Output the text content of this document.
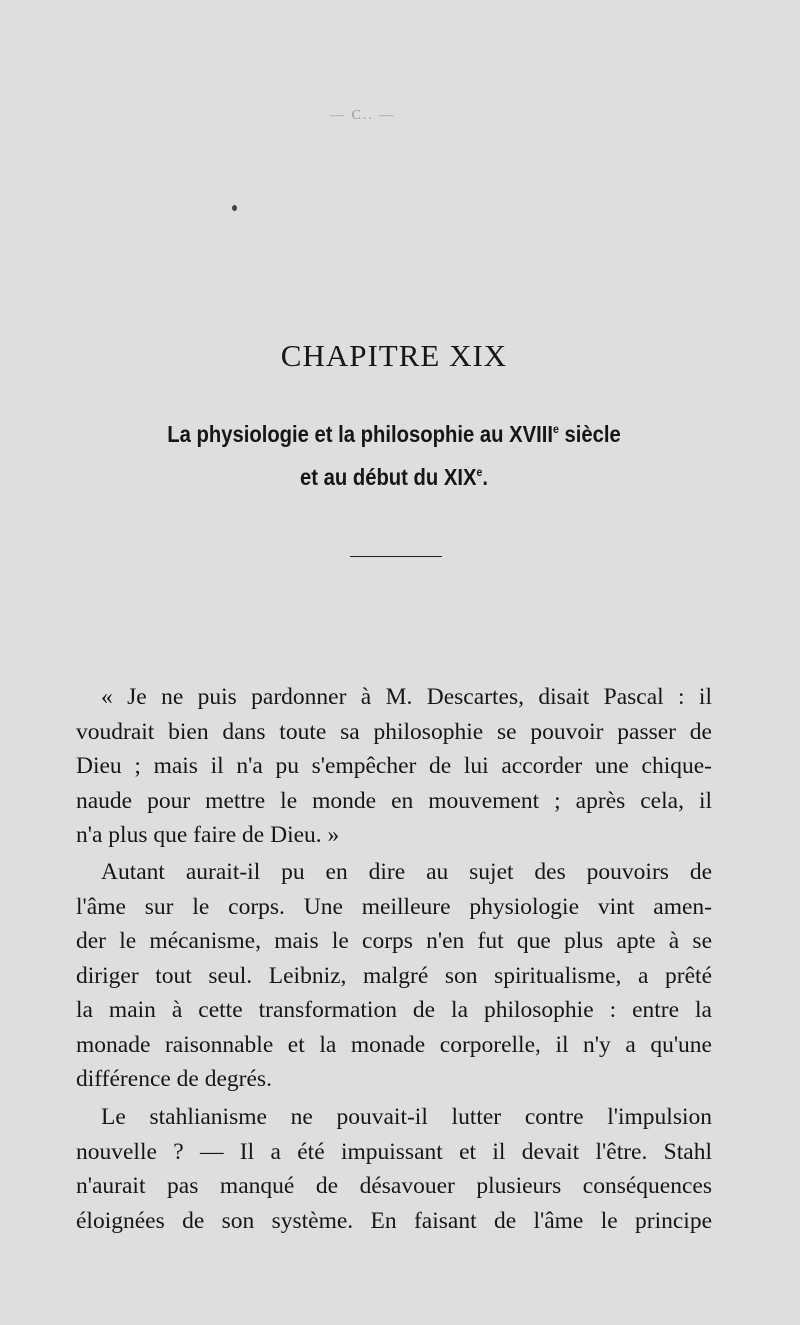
— C.. —
CHAPITRE XIX
La physiologie et la philosophie au XVIIIe siècle
et au début du XIXe.
« Je ne puis pardonner à M. Descartes, disait Pascal : il
voudrait bien dans toute sa philosophie se pouvoir passer de
Dieu ; mais il n'a pu s'empêcher de lui accorder une chique-
naude pour mettre le monde en mouvement ; après cela, il
n'a plus que faire de Dieu. »
Autant aurait-il pu en dire au sujet des pouvoirs de
l'âme sur le corps. Une meilleure physiologie vint amen-
der le mécanisme, mais le corps n'en fut que plus apte à se
diriger tout seul. Leibniz, malgré son spiritualisme, a prêté
la main à cette transformation de la philosophie : entre la
monade raisonnable et la monade corporelle, il n'y a qu'une
différence de degrés.
Le stahlianisme ne pouvait-il lutter contre l'impulsion
nouvelle ? — Il a été impuissant et il devait l'être. Stahl
n'aurait pas manqué de désavouer plusieurs conséquences
éloignées de son système. En faisant de l'âme le principe
